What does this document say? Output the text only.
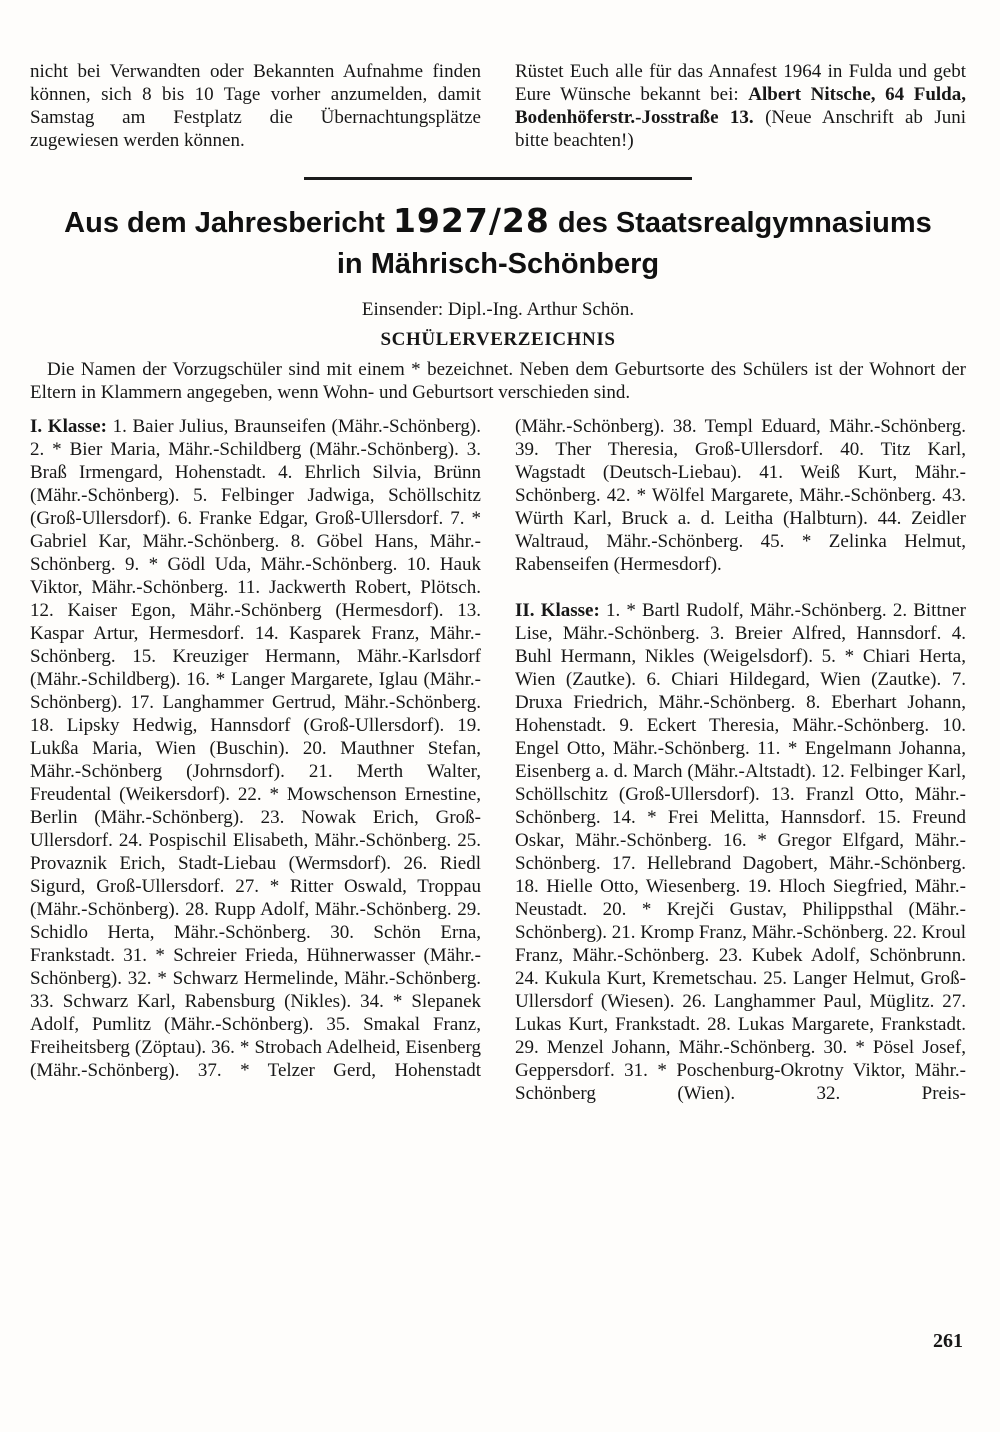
nicht bei Verwandten oder Bekannten Aufnahme finden können, sich 8 bis 10 Tage vorher anzumelden, damit Samstag am Festplatz die Übernachtungsplätze zugewiesen werden können.

Rüstet Euch alle für das Annafest 1964 in Fulda und gebt Eure Wünsche bekannt bei: Albert Nitsche, 64 Fulda, Bodenhöferstr.-Josstraße 13. (Neue Anschrift ab Juni bitte beachten!)

Aus dem Jahresbericht 1927/28 des Staatsrealgymnasiums
in Mährisch-Schönberg

Einsender: Dipl.-Ing. Arthur Schön.

SCHÜLERVERZEICHNIS

Die Namen der Vorzugschüler sind mit einem * bezeichnet. Neben dem Geburtsorte des Schülers ist der Wohnort der Eltern in Klammern angegeben, wenn Wohn- und Geburtsort verschieden sind.

I. Klasse: 1. Baier Julius, Braunseifen (Mähr.-Schönberg). 2. * Bier Maria, Mähr.-Schildberg (Mähr.-Schönberg). 3. Braß Irmengard, Hohenstadt. 4. Ehrlich Silvia, Brünn (Mähr.-Schönberg). 5. Felbinger Jadwiga, Schöllschitz (Groß-Ullersdorf). 6. Franke Edgar, Groß-Ullersdorf. 7. * Gabriel Kar, Mähr.-Schönberg. 8. Göbel Hans, Mähr.-Schönberg. 9. * Gödl Uda, Mähr.-Schönberg. 10. Hauk Viktor, Mähr.-Schönberg. 11. Jackwerth Robert, Plötsch. 12. Kaiser Egon, Mähr.-Schönberg (Hermesdorf). 13. Kaspar Artur, Hermesdorf. 14. Kasparek Franz, Mähr.-Schönberg. 15. Kreuziger Hermann, Mähr.-Karlsdorf (Mähr.-Schildberg). 16. * Langer Margarete, Iglau (Mähr.-Schönberg). 17. Langhammer Gertrud, Mähr.-Schönberg. 18. Lipsky Hedwig, Hannsdorf (Groß-Ullersdorf). 19. Lukßa Maria, Wien (Buschin). 20. Mauthner Stefan, Mähr.-Schönberg (Johrnsdorf). 21. Merth Walter, Freudental (Weikersdorf). 22. * Mowschenson Ernestine, Berlin (Mähr.-Schönberg). 23. Nowak Erich, Groß-Ullersdorf. 24. Pospischil Elisabeth, Mähr.-Schönberg. 25. Provaznik Erich, Stadt-Liebau (Wermsdorf). 26. Riedl Sigurd, Groß-Ullersdorf. 27. * Ritter Oswald, Troppau (Mähr.-Schönberg). 28. Rupp Adolf, Mähr.-Schönberg. 29. Schidlo Herta, Mähr.-Schönberg. 30. Schön Erna, Frankstadt. 31. * Schreier Frieda, Hühnerwasser (Mähr.-Schönberg). 32. * Schwarz Hermelinde, Mähr.-Schönberg. 33. Schwarz Karl, Rabensburg (Nikles). 34. * Slepanek Adolf, Pumlitz (Mähr.-Schönberg). 35. Smakal Franz, Freiheitsberg (Zöptau). 36. * Strobach Adelheid, Eisenberg (Mähr.-Schönberg). 37. * Telzer Gerd, Hohenstadt

(Mähr.-Schönberg). 38. Templ Eduard, Mähr.-Schönberg. 39. Ther Theresia, Groß-Ullersdorf. 40. Titz Karl, Wagstadt (Deutsch-Liebau). 41. Weiß Kurt, Mähr.-Schönberg. 42. * Wölfel Margarete, Mähr.-Schönberg. 43. Würth Karl, Bruck a. d. Leitha (Halbturn). 44. Zeidler Waltraud, Mähr.-Schönberg. 45. * Zelinka Helmut, Rabenseifen (Hermesdorf).

II. Klasse: 1. * Bartl Rudolf, Mähr.-Schönberg. 2. Bittner Lise, Mähr.-Schönberg. 3. Breier Alfred, Hannsdorf. 4. Buhl Hermann, Nikles (Weigelsdorf). 5. * Chiari Herta, Wien (Zautke). 6. Chiari Hildegard, Wien (Zautke). 7. Druxa Friedrich, Mähr.-Schönberg. 8. Eberhart Johann, Hohenstadt. 9. Eckert Theresia, Mähr.-Schönberg. 10. Engel Otto, Mähr.-Schönberg. 11. * Engelmann Johanna, Eisenberg a. d. March (Mähr.-Altstadt). 12. Felbinger Karl, Schöllschitz (Groß-Ullersdorf). 13. Franzl Otto, Mähr.-Schönberg. 14. * Frei Melitta, Hannsdorf. 15. Freund Oskar, Mähr.-Schönberg. 16. * Gregor Elfgard, Mähr.-Schönberg. 17. Hellebrand Dagobert, Mähr.-Schönberg. 18. Hielle Otto, Wiesenberg. 19. Hloch Siegfried, Mähr.-Neustadt. 20. * Krejči Gustav, Philippsthal (Mähr.-Schönberg). 21. Kromp Franz, Mähr.-Schönberg. 22. Kroul Franz, Mähr.-Schönberg. 23. Kubek Adolf, Schönbrunn. 24. Kukula Kurt, Kremetschau. 25. Langer Helmut, Groß-Ullersdorf (Wiesen). 26. Langhammer Paul, Müglitz. 27. Lukas Kurt, Frankstadt. 28. Lukas Margarete, Frankstadt. 29. Menzel Johann, Mähr.-Schönberg. 30. * Pösel Josef, Geppersdorf. 31. * Poschenburg-Okrotny Viktor, Mähr.-Schönberg (Wien). 32. Preis-

261
